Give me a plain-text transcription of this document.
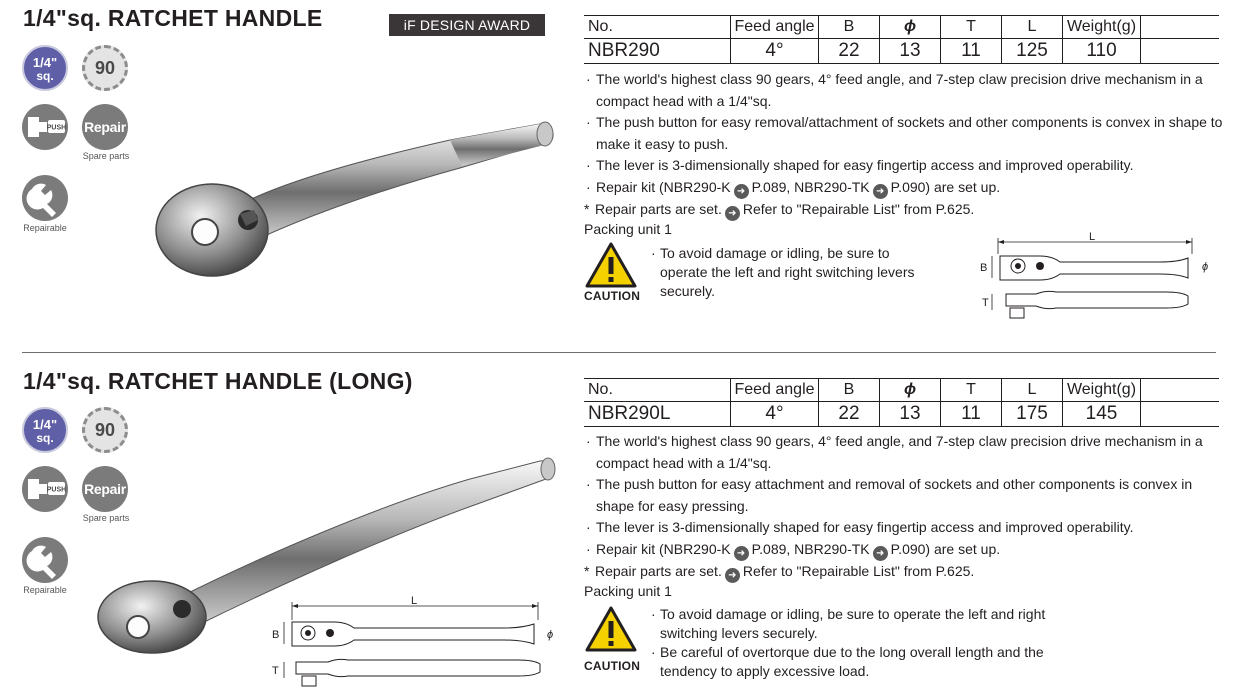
1/4"sq. RATCHET HANDLE	iF DESIGN AWARD
1/4"
sq.	90
PUSH Repair
Spare parts
Repairable
No.	Feed angle	B	ϕ	T	L	Weight(g)	
NBR290	4°	22	13	11	125	110	
· The world's highest class 90 gears, 4° feed angle, and 7-step claw precision drive mechanism in a compact head with a 1/4"sq.
· The push button for easy removal/attachment of sockets and other components is convex in shape to make it easy to push.
· The lever is 3-dimensionally shaped for easy fingertip access and improved operability.
· Repair kit (NBR290-K ➜ P.089, NBR290-TK ➜ P.090) are set up.
* Repair parts are set. ➜ Refer to "Repairable List" from P.625.
Packing unit 1
CAUTION
· To avoid damage or idling, be sure to operate the left and right switching levers securely.
L
B	ϕ
T
1/4"sq. RATCHET HANDLE (LONG)
1/4"
sq.	90
PUSH Repair
Spare parts
Repairable
No.	Feed angle	B	ϕ	T	L	Weight(g)	
NBR290L	4°	22	13	11	175	145	
· The world's highest class 90 gears, 4° feed angle, and 7-step claw precision drive mechanism in a compact head with a 1/4"sq.
· The push button for easy attachment and removal of sockets and other components is convex in shape for easy pressing.
· The lever is 3-dimensionally shaped for easy fingertip access and improved operability.
· Repair kit (NBR290-K ➜ P.089, NBR290-TK ➜ P.090) are set up.
* Repair parts are set. ➜ Refer to "Repairable List" from P.625.
Packing unit 1
CAUTION
· To avoid damage or idling, be sure to operate the left and right switching levers securely.
· Be careful of overtorque due to the long overall length and the tendency to apply excessive load.
L
B	ϕ
T
